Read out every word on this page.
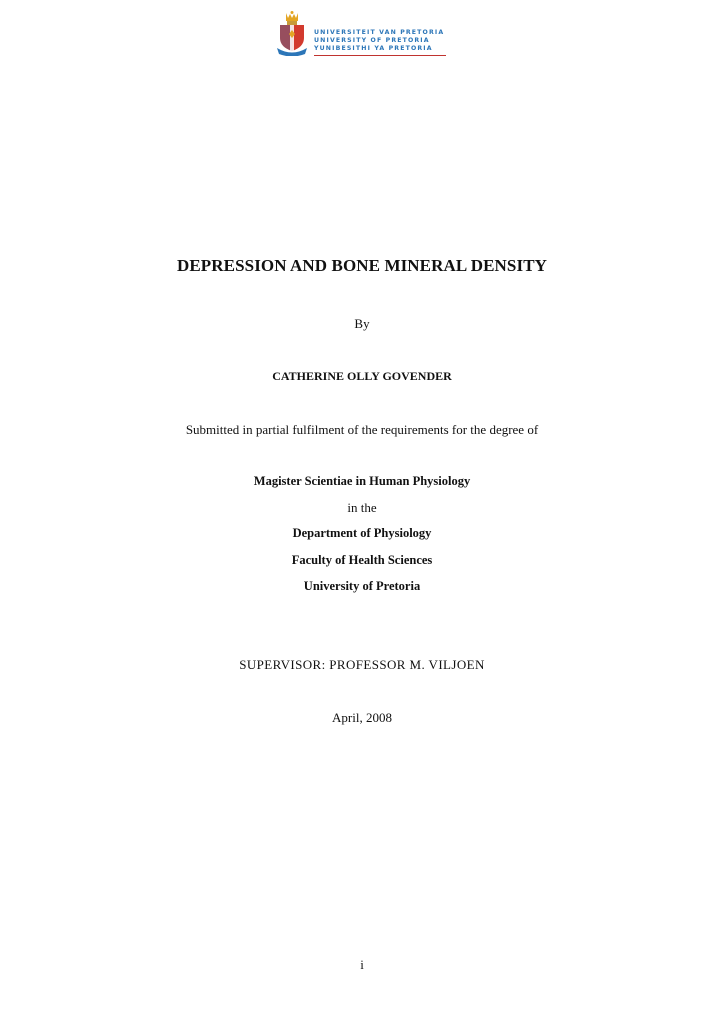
UNIVERSITEIT VAN PRETORIA
UNIVERSITY OF PRETORIA
YUNIBESITHI YA PRETORIA
DEPRESSION AND BONE MINERAL DENSITY
By
CATHERINE OLLY GOVENDER
Submitted in partial fulfilment of the requirements for the degree of
Magister Scientiae in Human Physiology
in the
Department of Physiology
Faculty of Health Sciences
University of Pretoria
SUPERVISOR: PROFESSOR M. VILJOEN
April, 2008
i
